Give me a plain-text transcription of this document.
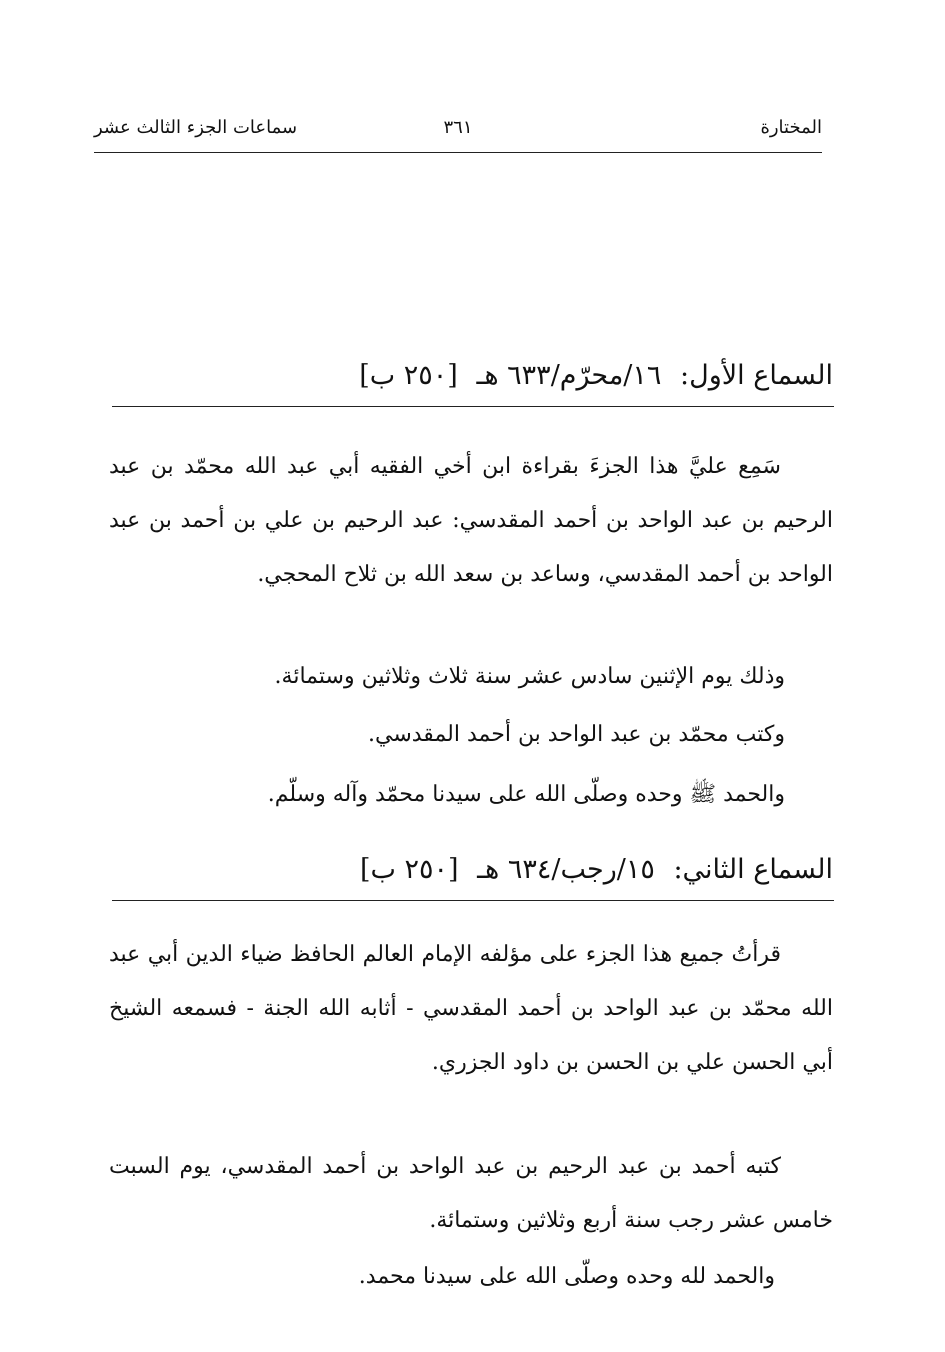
المختارة
٣٦١
سماعات الجزء الثالث عشر
السماع الأول: ١٦/محرّم/٦٣٣ هـ [٢٥٠ ب]
سَمِع عليَّ هذا الجزءَ بقراءة ابن أخي الفقيه أبي عبد الله محمّد بن عبد الرحيم بن عبد الواحد بن أحمد المقدسي: عبد الرحيم بن علي بن أحمد بن عبد الواحد بن أحمد المقدسي، وساعد بن سعد الله بن ثلاح المحجي.
وذلك يوم الإثنين سادس عشر سنة ثلاث وثلاثين وستمائة.
وكتب محمّد بن عبد الواحد بن أحمد المقدسي.
والحمد ﷺ وحده وصلّى الله على سيدنا محمّد وآله وسلّم.
السماع الثاني: ١٥/رجب/٦٣٤ هـ [٢٥٠ ب]
قرأتُ جميع هذا الجزء على مؤلفه الإمام العالم الحافظ ضياء الدين أبي عبد الله محمّد بن عبد الواحد بن أحمد المقدسي - أثابه الله الجنة - فسمعه الشيخ أبي الحسن علي بن الحسن بن داود الجزري.
كتبه أحمد بن عبد الرحيم بن عبد الواحد بن أحمد المقدسي، يوم السبت خامس عشر رجب سنة أربع وثلاثين وستمائة.
والحمد لله وحده وصلّى الله على سيدنا محمد.
